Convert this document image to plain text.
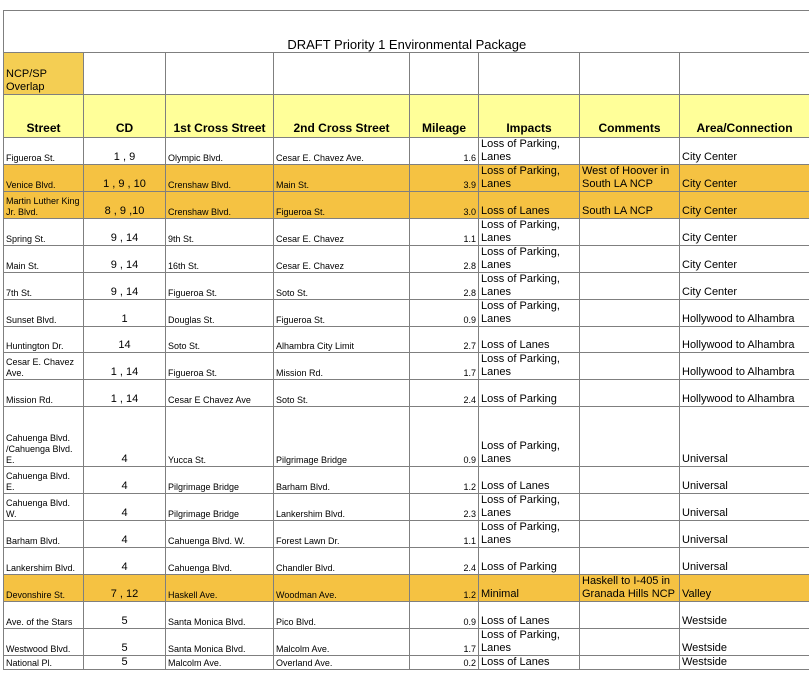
DRAFT Priority 1 Environmental Package							
NCP/SP Overlap							
Street	CD	1st Cross Street	2nd Cross Street	Mileage	Impacts	Comments	Area/Connection
Figueroa St.	1 , 9	Olympic Blvd.	Cesar E. Chavez Ave.	1.6	Loss of Parking, Lanes		City Center
Venice Blvd.	1 , 9 , 10	Crenshaw Blvd.	Main St.	3.9	Loss of Parking, Lanes	West of Hoover in South LA NCP	City Center
Martin Luther King Jr. Blvd.	8 , 9 ,10	Crenshaw Blvd.	Figueroa St.	3.0	Loss of Lanes	South LA NCP	City Center
Spring St.	9 , 14	9th St.	Cesar E. Chavez	1.1	Loss of Parking, Lanes		City Center
Main St.	9 , 14	16th St.	Cesar E. Chavez	2.8	Loss of Parking, Lanes		City Center
7th St.	9 , 14	Figueroa St.	Soto St.	2.8	Loss of Parking, Lanes		City Center
Sunset Blvd.	1	Douglas St.	Figueroa St.	0.9	Loss of Parking, Lanes		Hollywood to Alhambra
Huntington Dr.	14	Soto St.	Alhambra City Limit	2.7	Loss of Lanes		Hollywood to Alhambra
Cesar E. Chavez Ave.	1 , 14	Figueroa St.	Mission Rd.	1.7	Loss of Parking, Lanes		Hollywood to Alhambra
Mission Rd.	1 , 14	Cesar E Chavez Ave	Soto St.	2.4	Loss of Parking		Hollywood to Alhambra
Cahuenga Blvd. /Cahuenga Blvd. E.	4	Yucca St.	Pilgrimage Bridge	0.9	Loss of Parking, Lanes		Universal
Cahuenga Blvd. E.	4	Pilgrimage Bridge	Barham Blvd.	1.2	Loss of Lanes		Universal
Cahuenga Blvd. W.	4	Pilgrimage Bridge	Lankershim Blvd.	2.3	Loss of Parking, Lanes		Universal
Barham Blvd.	4	Cahuenga Blvd. W.	Forest Lawn Dr.	1.1	Loss of Parking, Lanes		Universal
Lankershim Blvd.	4	Cahuenga Blvd.	Chandler Blvd.	2.4	Loss of Parking		Universal
Devonshire St.	7 , 12	Haskell Ave.	Woodman Ave.	1.2	Minimal	Haskell to I-405 in Granada Hills NCP	Valley
Ave. of the Stars	5	Santa Monica Blvd.	Pico Blvd.	0.9	Loss of Lanes		Westside
Westwood Blvd.	5	Santa Monica Blvd.	Malcolm Ave.	1.7	Loss of Parking, Lanes		Westside
National Pl.	5	Malcolm Ave.	Overland Ave.	0.2	Loss of Lanes		Westside
